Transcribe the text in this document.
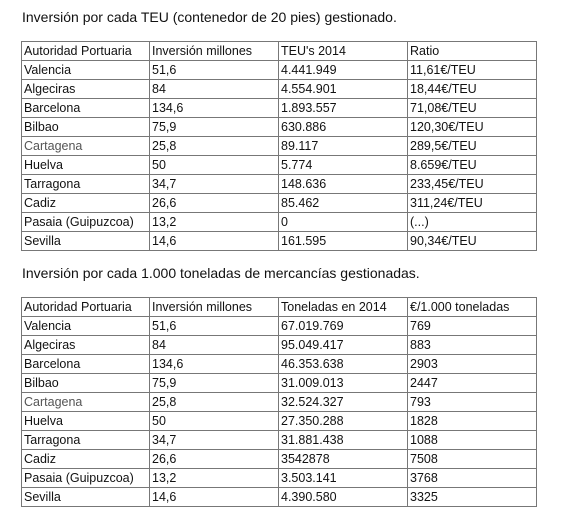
Inversión por cada TEU (contenedor de 20 pies) gestionado.
Autoridad Portuaria	Inversión millones	TEU's 2014	Ratio
Valencia	51,6	4.441.949	11,61€/TEU
Algeciras	84	4.554.901	18,44€/TEU
Barcelona	134,6	1.893.557	71,08€/TEU
Bilbao	75,9	630.886	120,30€/TEU
Cartagena	25,8	89.117	289,5€/TEU
Huelva	50	5.774	8.659€/TEU
Tarragona	34,7	148.636	233,45€/TEU
Cadiz	26,6	85.462	311,24€/TEU
Pasaia (Guipuzcoa)	13,2	0	(...)
Sevilla	14,6	161.595	90,34€/TEU
Inversión por cada 1.000 toneladas de mercancías gestionadas.
Autoridad Portuaria	Inversión millones	Toneladas en 2014	€/1.000 toneladas
Valencia	51,6	67.019.769	769
Algeciras	84	95.049.417	883
Barcelona	134,6	46.353.638	2903
Bilbao	75,9	31.009.013	2447
Cartagena	25,8	32.524.327	793
Huelva	50	27.350.288	1828
Tarragona	34,7	31.881.438	1088
Cadiz	26,6	3542878	7508
Pasaia (Guipuzcoa)	13,2	3.503.141	3768
Sevilla	14,6	4.390.580	3325
